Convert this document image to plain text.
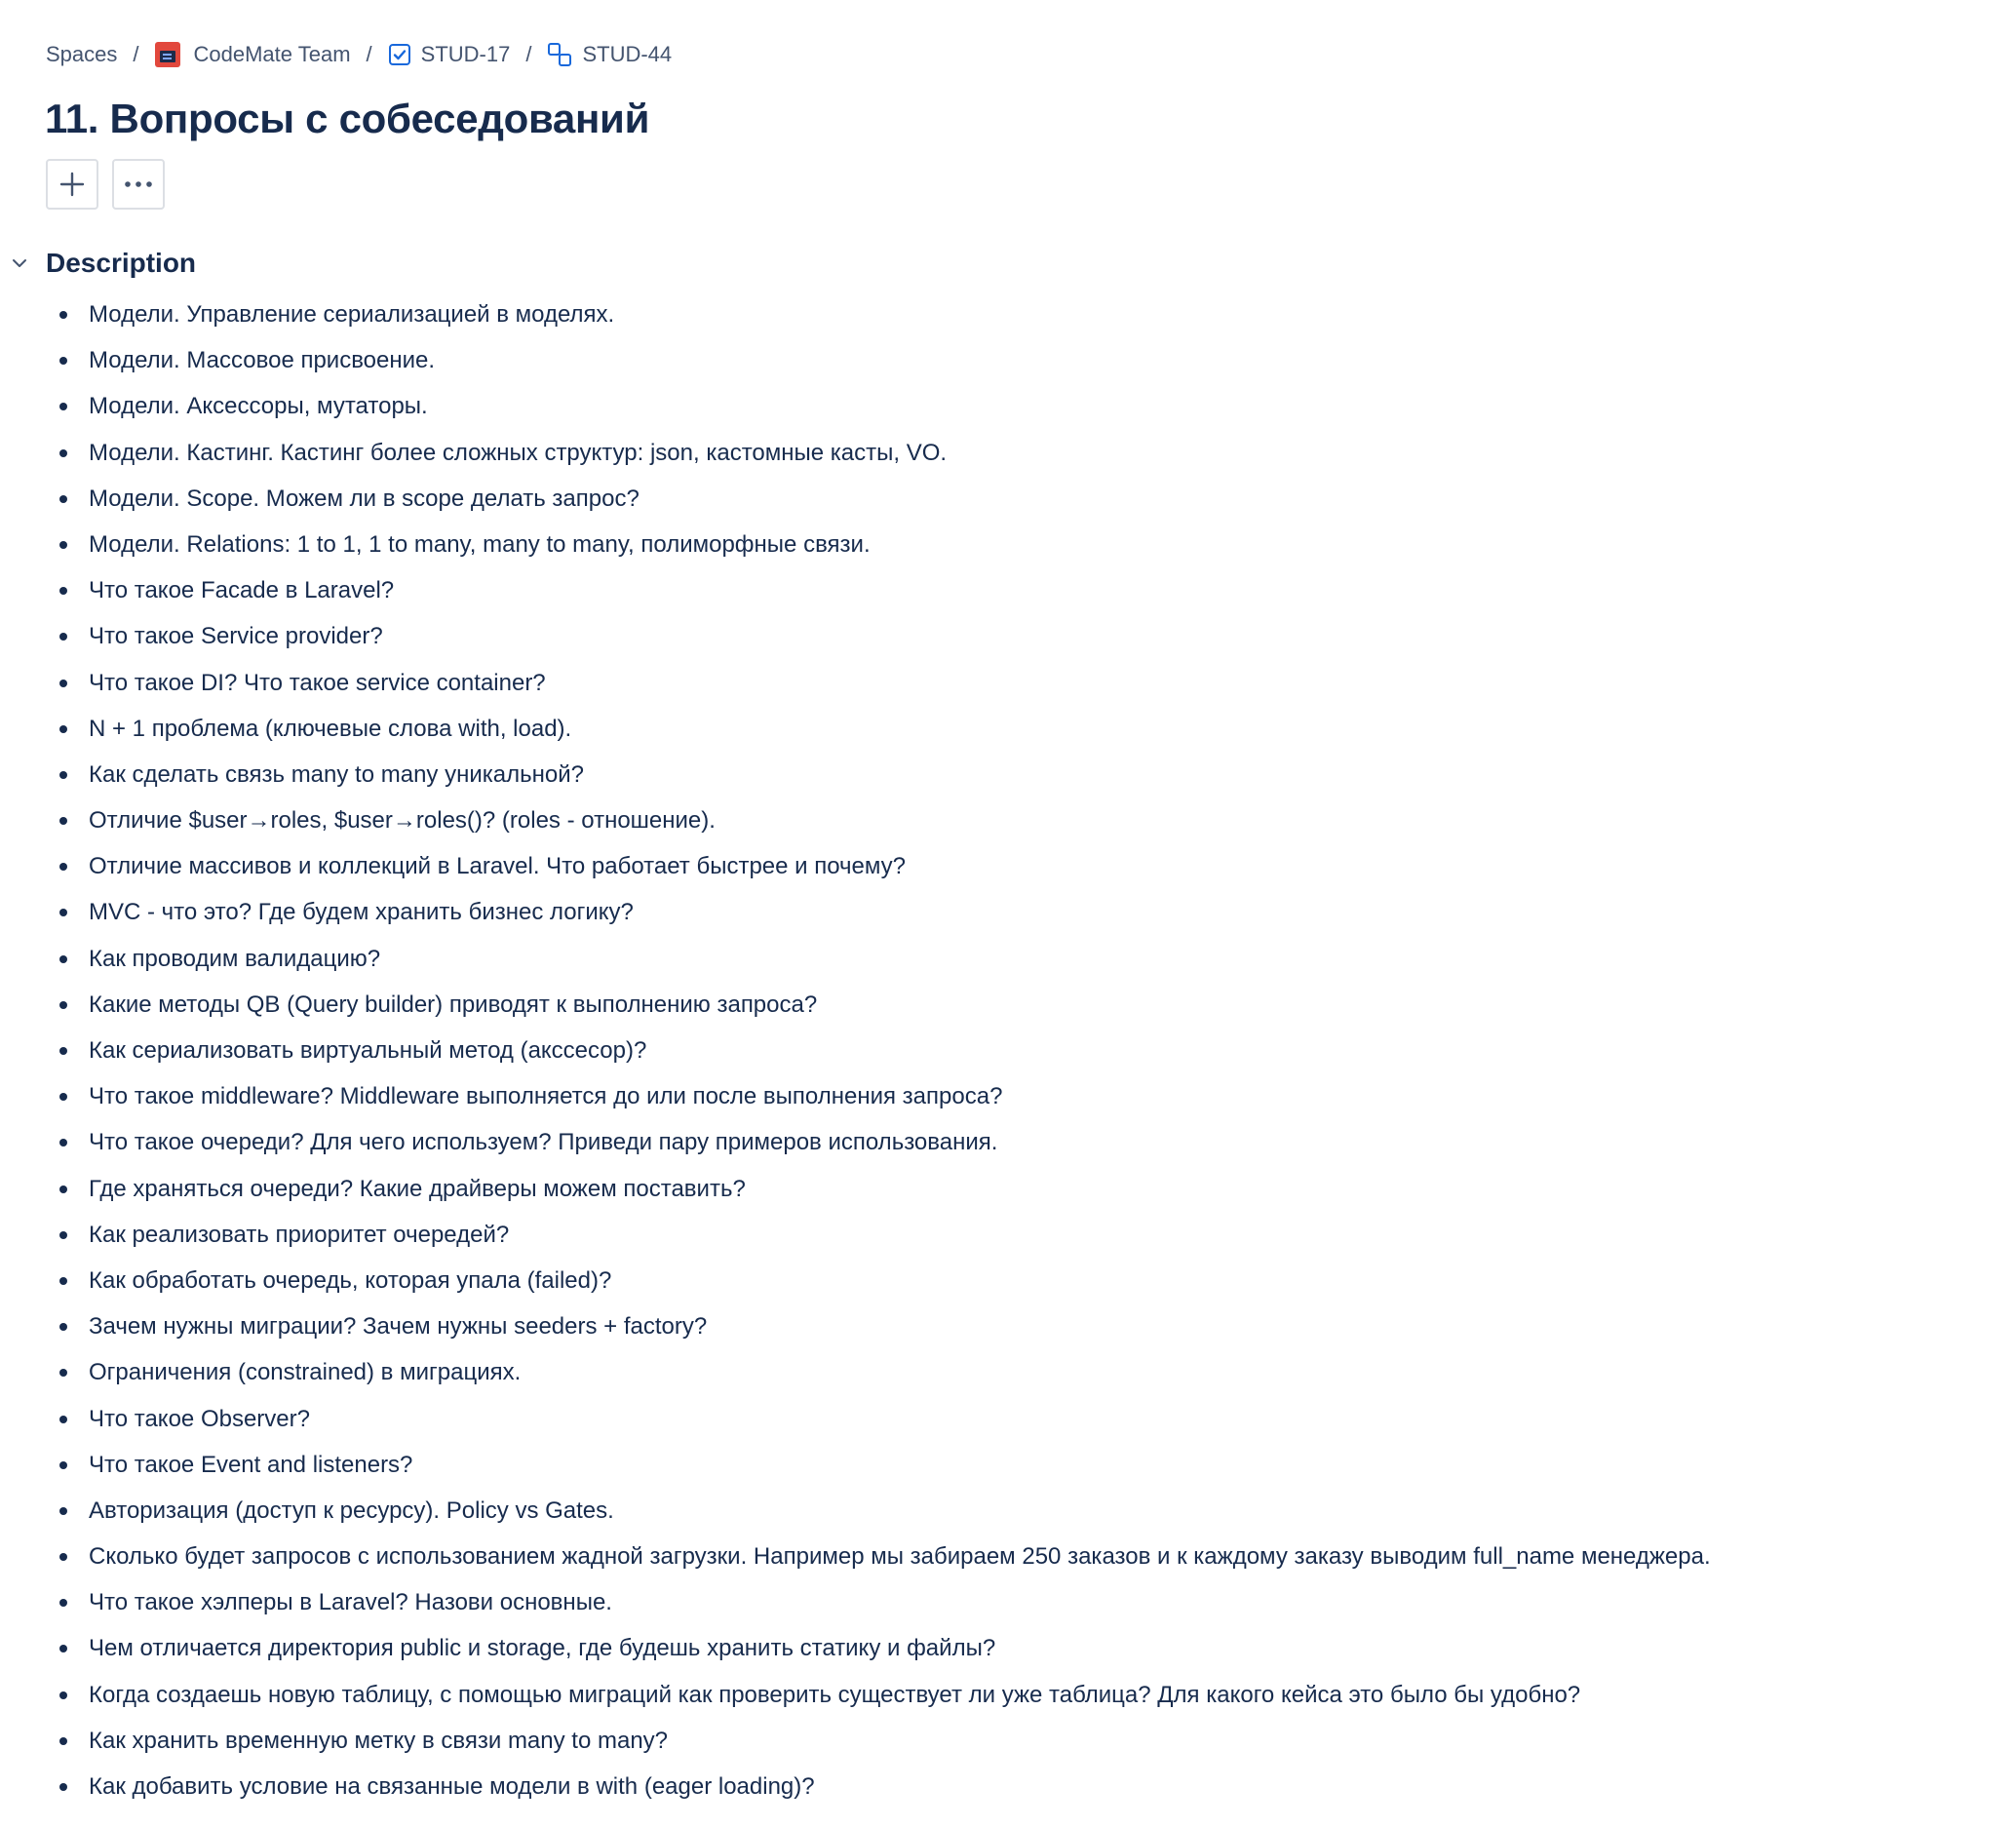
Spaces /	CodeMate Team / STUD-17 / STUD-44
11. Вопросы с собеседований
Description
Модели. Управление сериализацией в моделях.
Модели. Массовое присвоение.
Модели. Аксессоры, мутаторы.
Модели. Кастинг. Кастинг более сложных структур: json, кастомные касты, VO.
Модели. Scope. Можем ли в scope делать запрос?
Модели. Relations: 1 to 1, 1 to many, many to many, полиморфные связи.
Что такое Facade в Laravel?
Что такое Service provider?
Что такое DI? Что такое service container?
N + 1 проблема (ключевые слова with, load).
Как сделать связь many to many уникальной?
Отличие $user→roles, $user→roles()? (roles - отношение).
Отличие массивов и коллекций в Laravel. Что работает быстрее и почему?
MVC - что это? Где будем хранить бизнес логику?
Как проводим валидацию?
Какие методы QB (Query builder) приводят к выполнению запроса?
Как сериализовать виртуальный метод (акссесор)?
Что такое middleware? Middleware выполняется до или после выполнения запроса?
Что такое очереди? Для чего используем? Приведи пару примеров использования.
Где храняться очереди? Какие драйверы можем поставить?
Как реализовать приоритет очередей?
Как обработать очередь, которая упала (failed)?
Зачем нужны миграции? Зачем нужны seeders + factory?
Ограничения (constrained) в миграциях.
Что такое Observer?
Что такое Event and listeners?
Авторизация (доступ к ресурсу). Policy vs Gates.
Сколько будет запросов с использованием жадной загрузки. Например мы забираем 250 заказов и к каждому заказу выводим full_name менеджера.
Что такое хэлперы в Laravel? Назови основные.
Чем отличается директория public и storage, где будешь хранить статику и файлы?
Когда создаешь новую таблицу, с помощью миграций как проверить существует ли уже таблица? Для какого кейса это было бы удобно?
Как хранить временную метку в связи many to many?
Как добавить условие на связанные модели в with (eager loading)?
